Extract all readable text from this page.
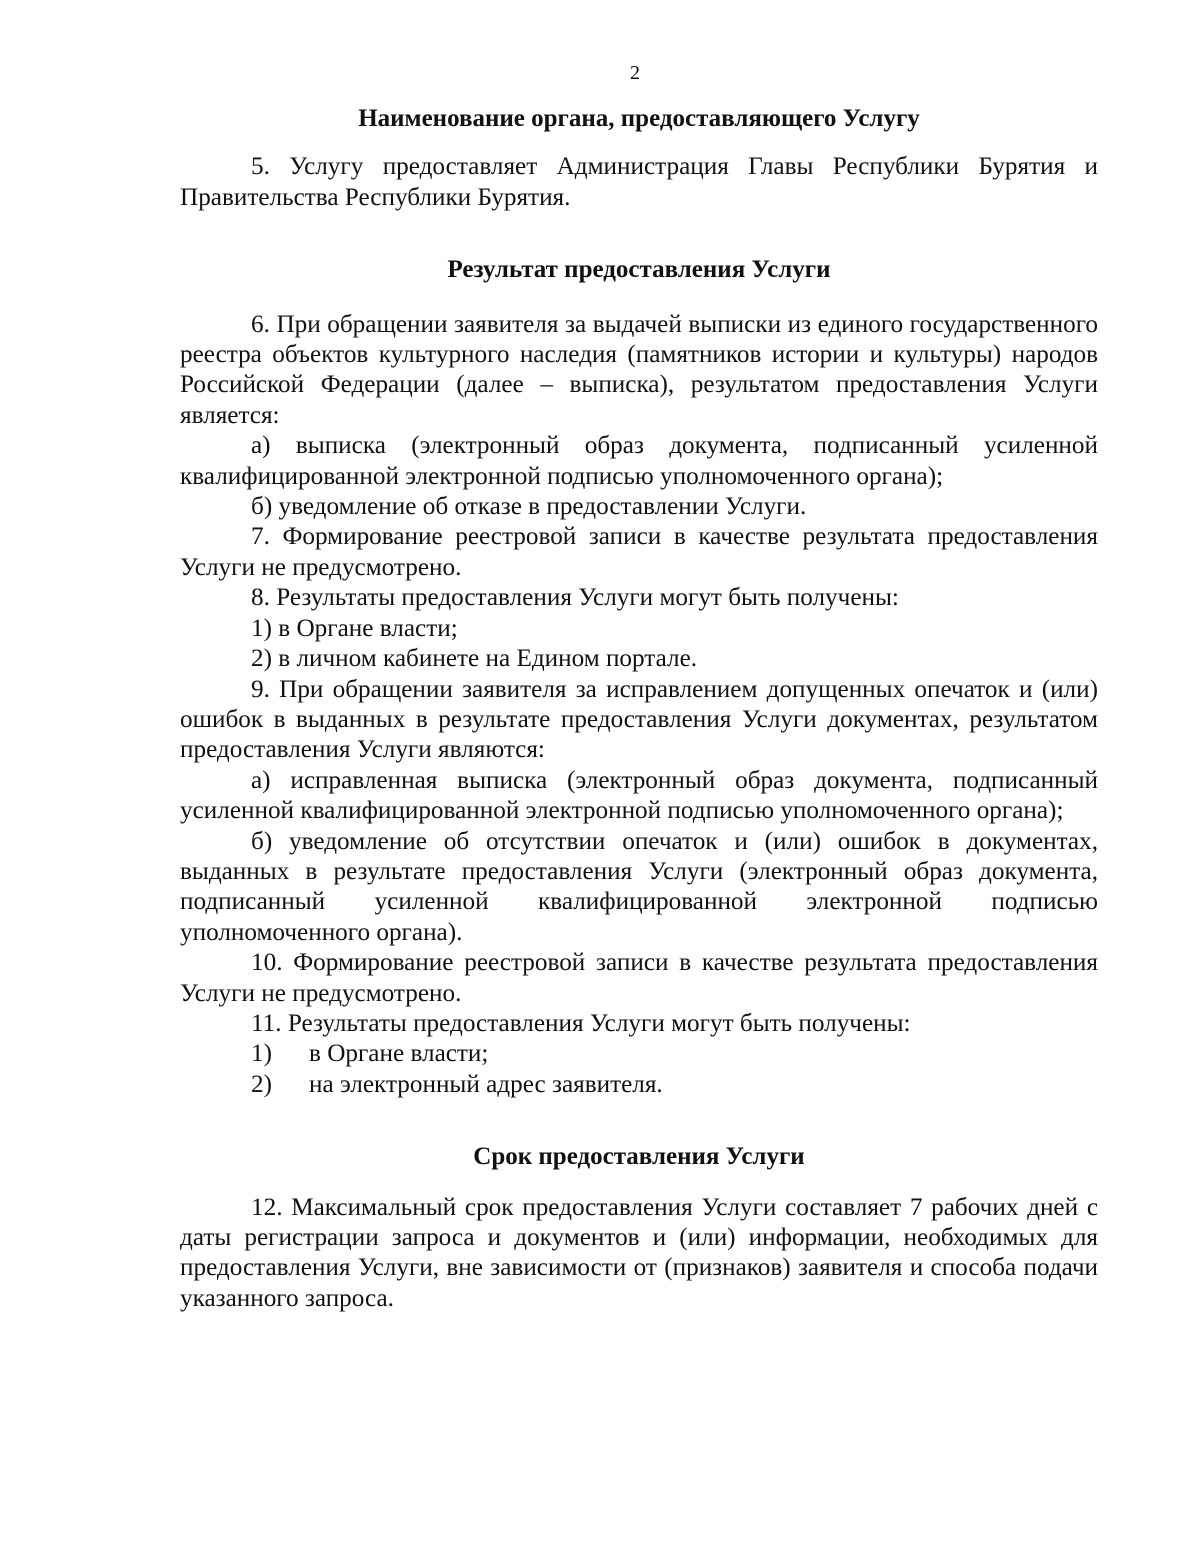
2

Наименование органа, предоставляющего Услугу

5. Услугу предоставляет Администрация Главы Республики Бурятия и Правительства Республики Бурятия.

Результат предоставления Услуги

6. При обращении заявителя за выдачей выписки из единого государственного реестра объектов культурного наследия (памятников истории и культуры) народов Российской Федерации (далее – выписка), результатом предоставления Услуги является:

а) выписка (электронный образ документа, подписанный усиленной квалифицированной электронной подписью уполномоченного органа);

б) уведомление об отказе в предоставлении Услуги.

7. Формирование реестровой записи в качестве результата предоставления Услуги не предусмотрено.

8. Результаты предоставления Услуги могут быть получены:

1) в Органе власти;

2) в личном кабинете на Едином портале.

9. При обращении заявителя за исправлением допущенных опечаток и (или) ошибок в выданных в результате предоставления Услуги документах, результатом предоставления Услуги являются:

а) исправленная выписка (электронный образ документа, подписанный усиленной квалифицированной электронной подписью уполномоченного органа);

б) уведомление об отсутствии опечаток и (или) ошибок в документах, выданных в результате предоставления Услуги (электронный образ документа, подписанный усиленной квалифицированной электронной подписью уполномоченного органа).

10. Формирование реестровой записи в качестве результата предоставления Услуги не предусмотрено.

11. Результаты предоставления Услуги могут быть получены:

1) в Органе власти;

2) на электронный адрес заявителя.

Срок предоставления Услуги

12. Максимальный срок предоставления Услуги составляет 7 рабочих дней с даты регистрации запроса и документов и (или) информации, необходимых для предоставления Услуги, вне зависимости от (признаков) заявителя и способа подачи указанного запроса.
